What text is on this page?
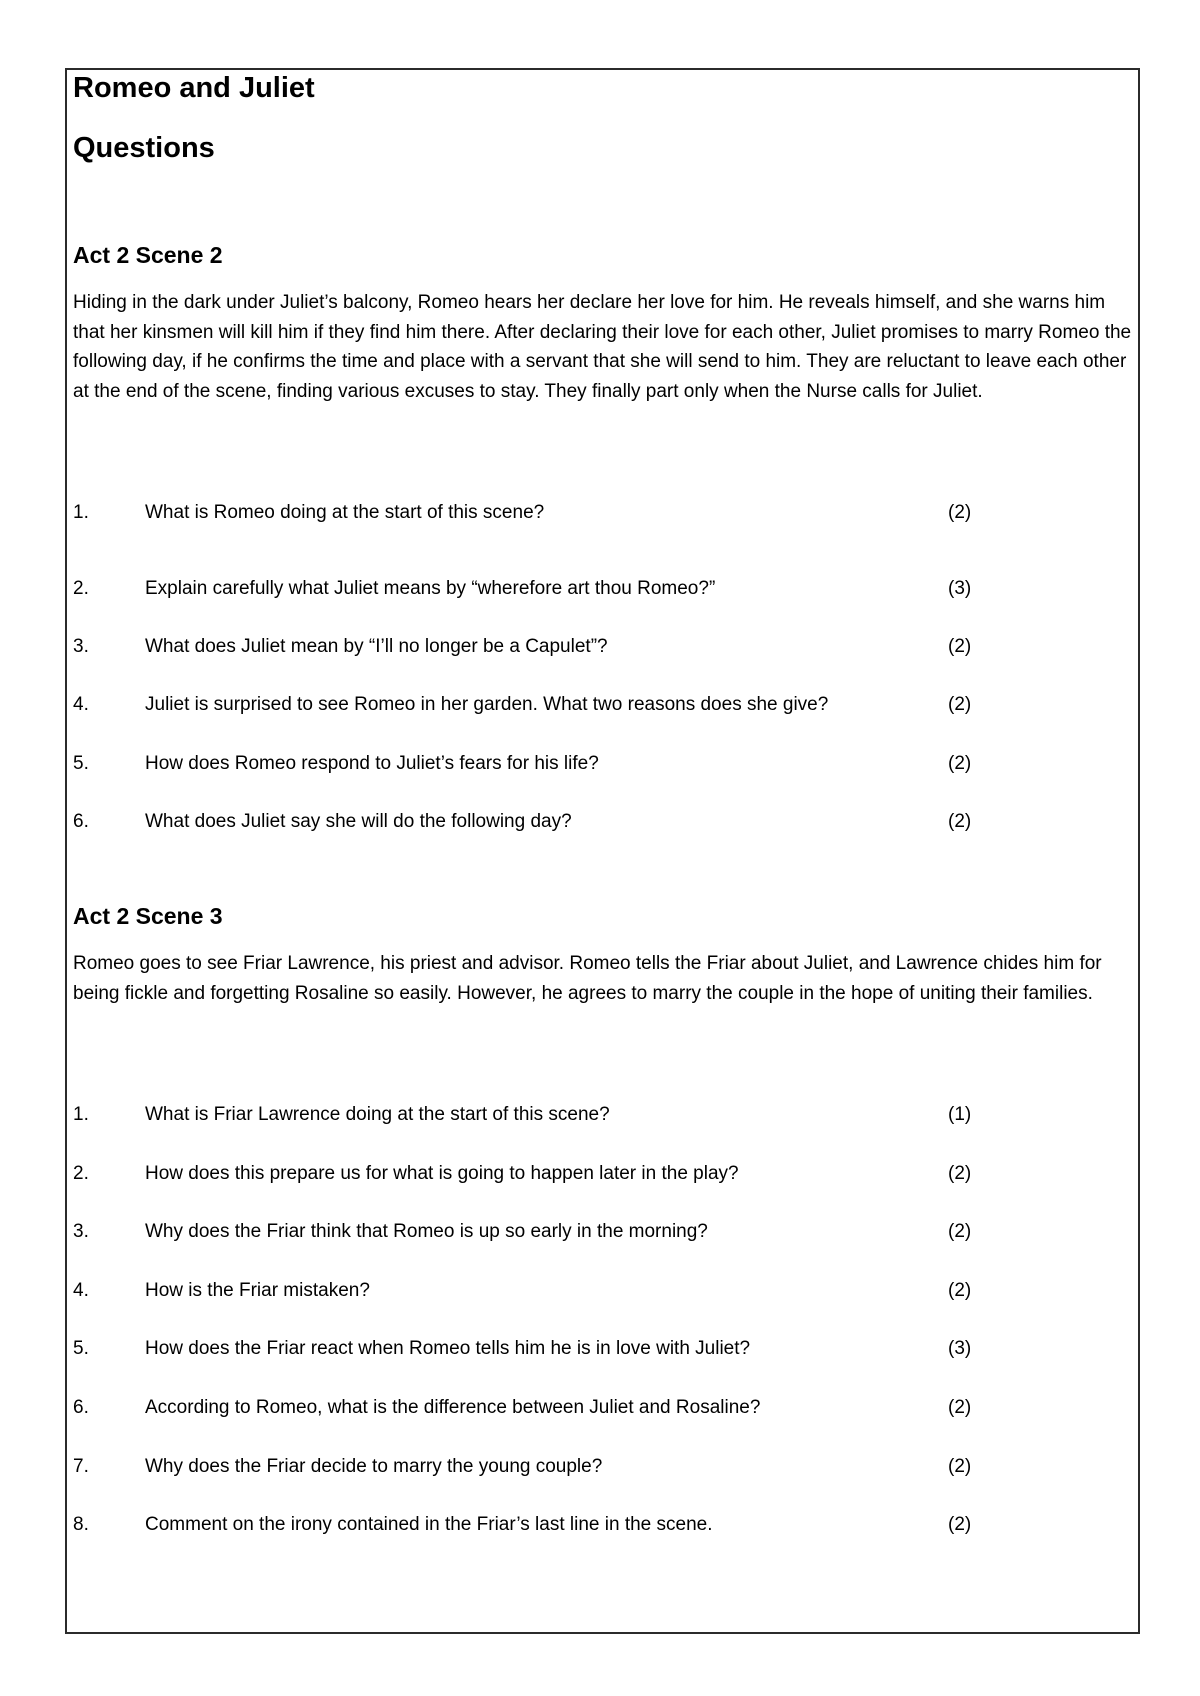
Romeo and Juliet
Questions
Act 2 Scene 2

Hiding in the dark under Juliet’s balcony, Romeo hears her declare her love for him. He reveals himself, and she warns him that her kinsmen will kill him if they find him there. After declaring their love for each other, Juliet promises to marry Romeo the following day, if he confirms the time and place with a servant that she will send to him. They are reluctant to leave each other at the end of the scene, finding various excuses to stay. They finally part only when the Nurse calls for Juliet.

1.	What is Romeo doing at the start of this scene?	(2)
2.	Explain carefully what Juliet means by “wherefore art thou Romeo?”	(3)
3.	What does Juliet mean by “I’ll no longer be a Capulet”?	(2)
4.	Juliet is surprised to see Romeo in her garden. What two reasons does she give?	(2)
5.	How does Romeo respond to Juliet’s fears for his life?	(2)
6.	What does Juliet say she will do the following day?	(2)
Act 2 Scene 3

Romeo goes to see Friar Lawrence, his priest and advisor. Romeo tells the Friar about Juliet, and Lawrence chides him for being fickle and forgetting Rosaline so easily. However, he agrees to marry the couple in the hope of uniting their families.

1.	What is Friar Lawrence doing at the start of this scene?	(1)
2.	How does this prepare us for what is going to happen later in the play?	(2)
3.	Why does the Friar think that Romeo is up so early in the morning?	(2)
4.	How is the Friar mistaken?	(2)
5.	How does the Friar react when Romeo tells him he is in love with Juliet?	(3)
6.	According to Romeo, what is the difference between Juliet and Rosaline?	(2)
7.	Why does the Friar decide to marry the young couple?	(2)
8.	Comment on the irony contained in the Friar’s last line in the scene.	(2)
